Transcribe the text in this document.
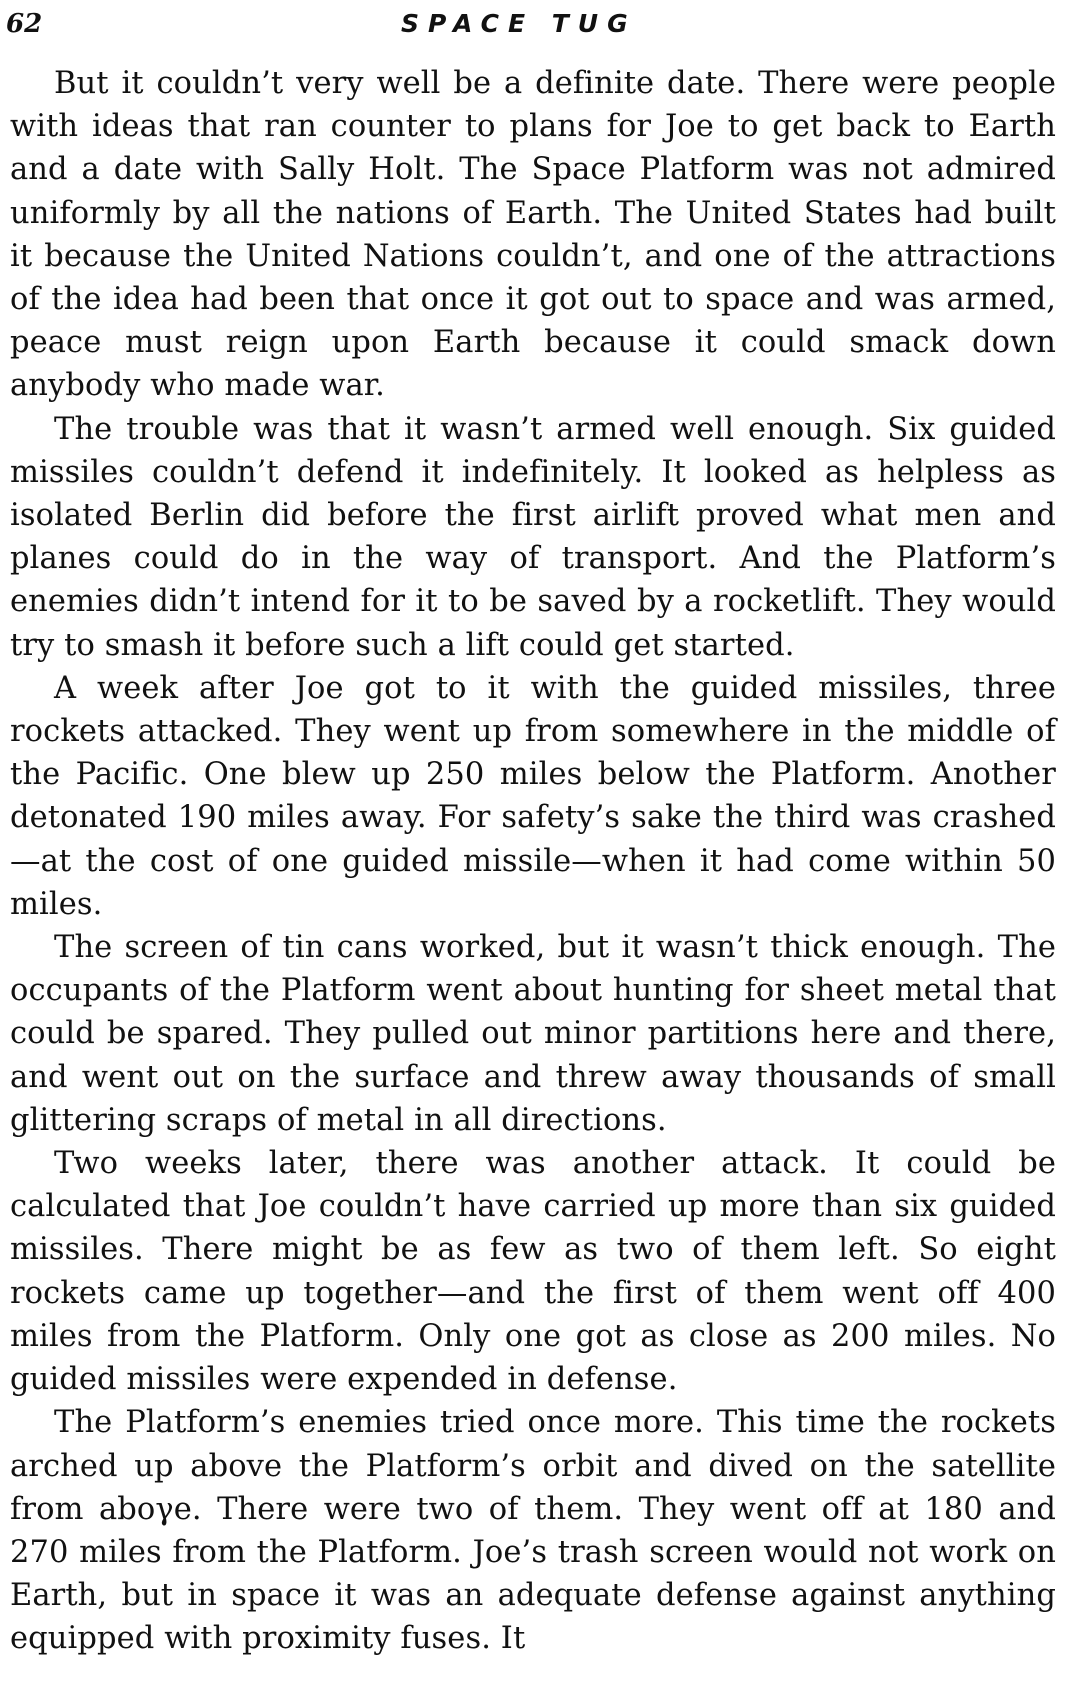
62	SPACE TUG

But it couldn’t very well be a definite date. There were people with ideas that ran counter to plans for Joe to get back to Earth and a date with Sally Holt. The Space Platform was not admired uniformly by all the nations of Earth. The United States had built it because the United Nations couldn’t, and one of the attractions of the idea had been that once it got out to space and was armed, peace must reign upon Earth because it could smack down anybody who made war.

The trouble was that it wasn’t armed well enough. Six guided missiles couldn’t defend it indefinitely. It looked as helpless as isolated Berlin did before the first airlift proved what men and planes could do in the way of transport. And the Platform’s enemies didn’t intend for it to be saved by a rocketlift. They would try to smash it before such a lift could get started.

A week after Joe got to it with the guided missiles, three rockets attacked. They went up from somewhere in the middle of the Pacific. One blew up 250 miles below the Platform. Another detonated 190 miles away. For safety’s sake the third was crashed—at the cost of one guided missile—when it had come within 50 miles.

The screen of tin cans worked, but it wasn’t thick enough. The occupants of the Platform went about hunting for sheet metal that could be spared. They pulled out minor partitions here and there, and went out on the surface and threw away thousands of small glittering scraps of metal in all directions.

Two weeks later, there was another attack. It could be calculated that Joe couldn’t have carried up more than six guided missiles. There might be as few as two of them left. So eight rockets came up together—and the first of them went off 400 miles from the Platform. Only one got as close as 200 miles. No guided missiles were expended in defense.

The Platform’s enemies tried once more. This time the rockets arched up above the Platform’s orbit and dived on the satellite from aboγe. There were two of them. They went off at 180 and 270 miles from the Platform. Joe’s trash screen would not work on Earth, but in space it was an adequate defense against anything equipped with proximity fuses. It
